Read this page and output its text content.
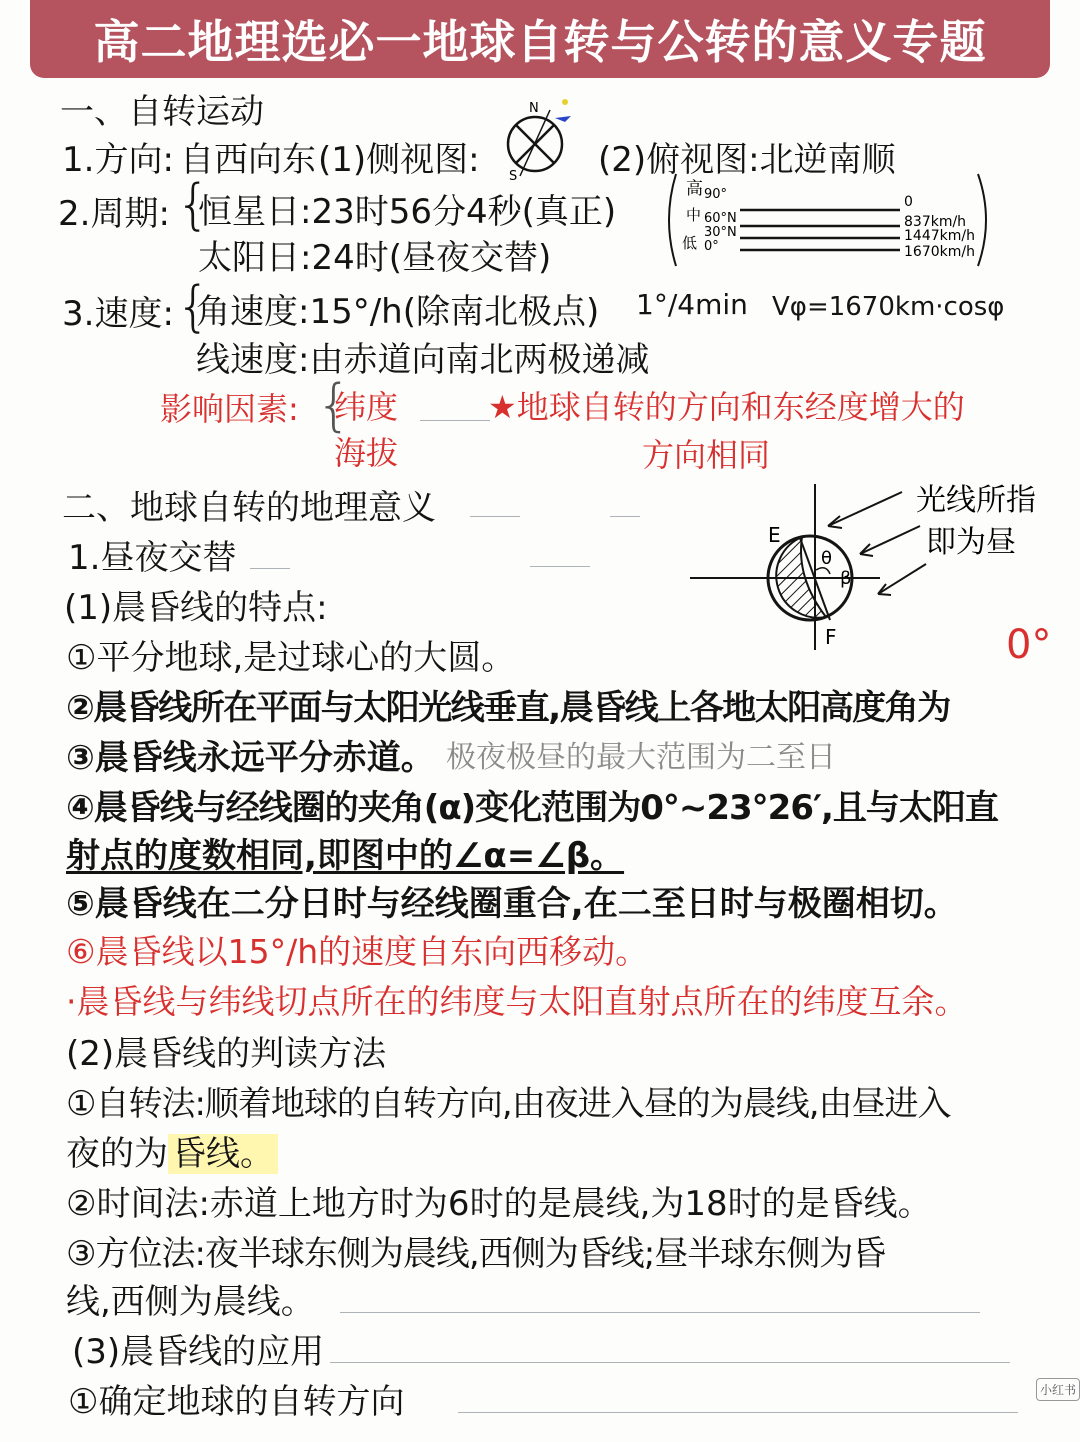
高二地理选必一地球自转与公转的意义专题
一、自转运动
1.方向: 自西向东 (1)侧视图:
N
S (2)俯视图:北逆南顺
2.周期: {
恒星日:23时56分4秒(真正)
太阳日:24时(昼夜交替)
高 90°
中 60°N
30°N
低 0°
0
837km/h
1447km/h
1670km/h
3.速度: {
角速度:15°/h(除南北极点) 1°/4min Vφ=1670km·cosφ
线速度:由赤道向南北两极递减
影响因素: {
纬度
海拔
★地球自转的方向和东经度增大的
方向相同
二、地球自转的地理意义
1.昼夜交替
(1)晨昏线的特点:
E
F
θ
β
光线所指
即为昼
0°
①平分地球,是过球心的大圆。
②晨昏线所在平面与太阳光线垂直,晨昏线上各地太阳高度角为
③晨昏线永远平分赤道。 极夜极昼的最大范围为二至日
④晨昏线与经线圈的夹角(α)变化范围为0°~23°26′,且与太阳直
射点的度数相同,即图中的∠α=∠β。
⑤晨昏线在二分日时与经线圈重合,在二至日时与极圈相切。
⑥晨昏线以15°/h的速度自东向西移动。
·晨昏线与纬线切点所在的纬度与太阳直射点所在的纬度互余。
(2)晨昏线的判读方法
①自转法:顺着地球的自转方向,由夜进入昼的为晨线,由昼进入
夜的为 昏线。
②时间法:赤道上地方时为6时的是晨线,为18时的是昏线。
③方位法:夜半球东侧为晨线,西侧为昏线;昼半球东侧为昏
线,西侧为晨线。
(3)晨昏线的应用
①确定地球的自转方向	小红书
